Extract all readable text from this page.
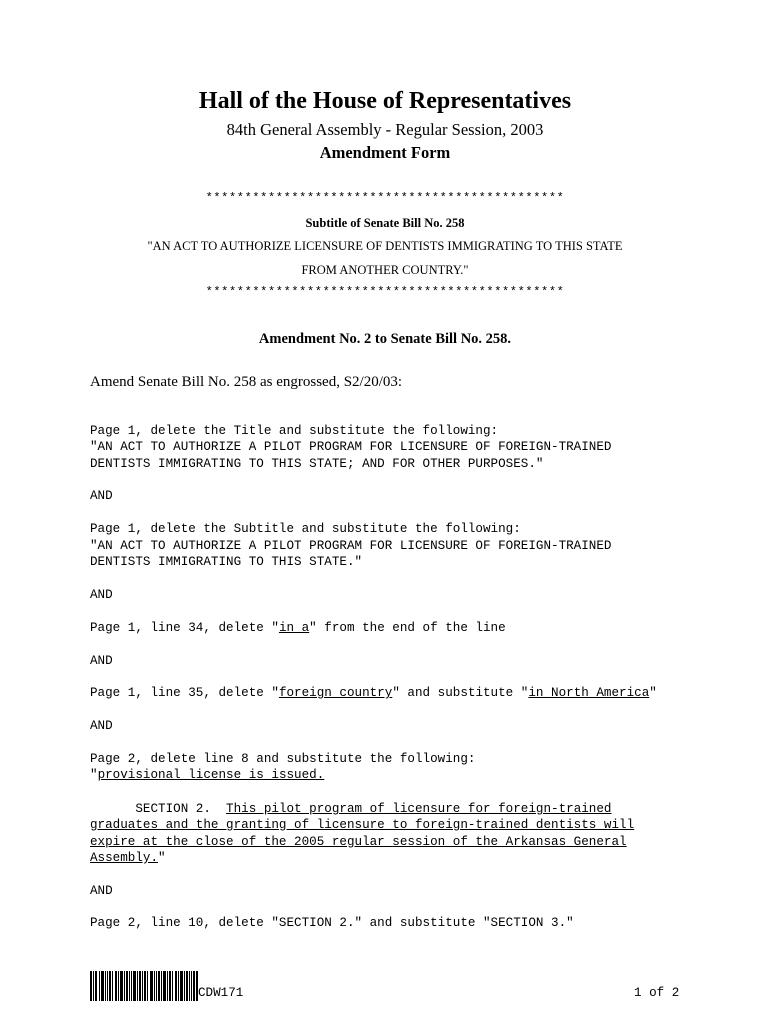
Hall of the House of Representatives
84th General Assembly - Regular Session, 2003
Amendment Form
**********************************************
Subtitle of Senate Bill No. 258
"AN ACT TO AUTHORIZE LICENSURE OF DENTISTS IMMIGRATING TO THIS STATE
FROM ANOTHER COUNTRY."
**********************************************
Amendment No. 2 to Senate Bill No. 258.
Amend Senate Bill No. 258 as engrossed, S2/20/03:
Page 1, delete the Title and substitute the following:
"AN ACT TO AUTHORIZE A PILOT PROGRAM FOR LICENSURE OF FOREIGN-TRAINED
DENTISTS IMMIGRATING TO THIS STATE; AND FOR OTHER PURPOSES."
AND
Page 1, delete the Subtitle and substitute the following:
"AN ACT TO AUTHORIZE A PILOT PROGRAM FOR LICENSURE OF FOREIGN-TRAINED
DENTISTS IMMIGRATING TO THIS STATE."
AND
Page 1, line 34, delete "in a" from the end of the line
AND
Page 1, line 35, delete "foreign country" and substitute "in North America"
AND
Page 2, delete line 8 and substitute the following:
"provisional license is issued.
SECTION 2.  This pilot program of licensure for foreign-trained
graduates and the granting of licensure to foreign-trained dentists will
expire at the close of the 2005 regular session of the Arkansas General
Assembly."
AND
Page 2, line 10, delete "SECTION 2." and substitute "SECTION 3."
CDW171	1 of 2
